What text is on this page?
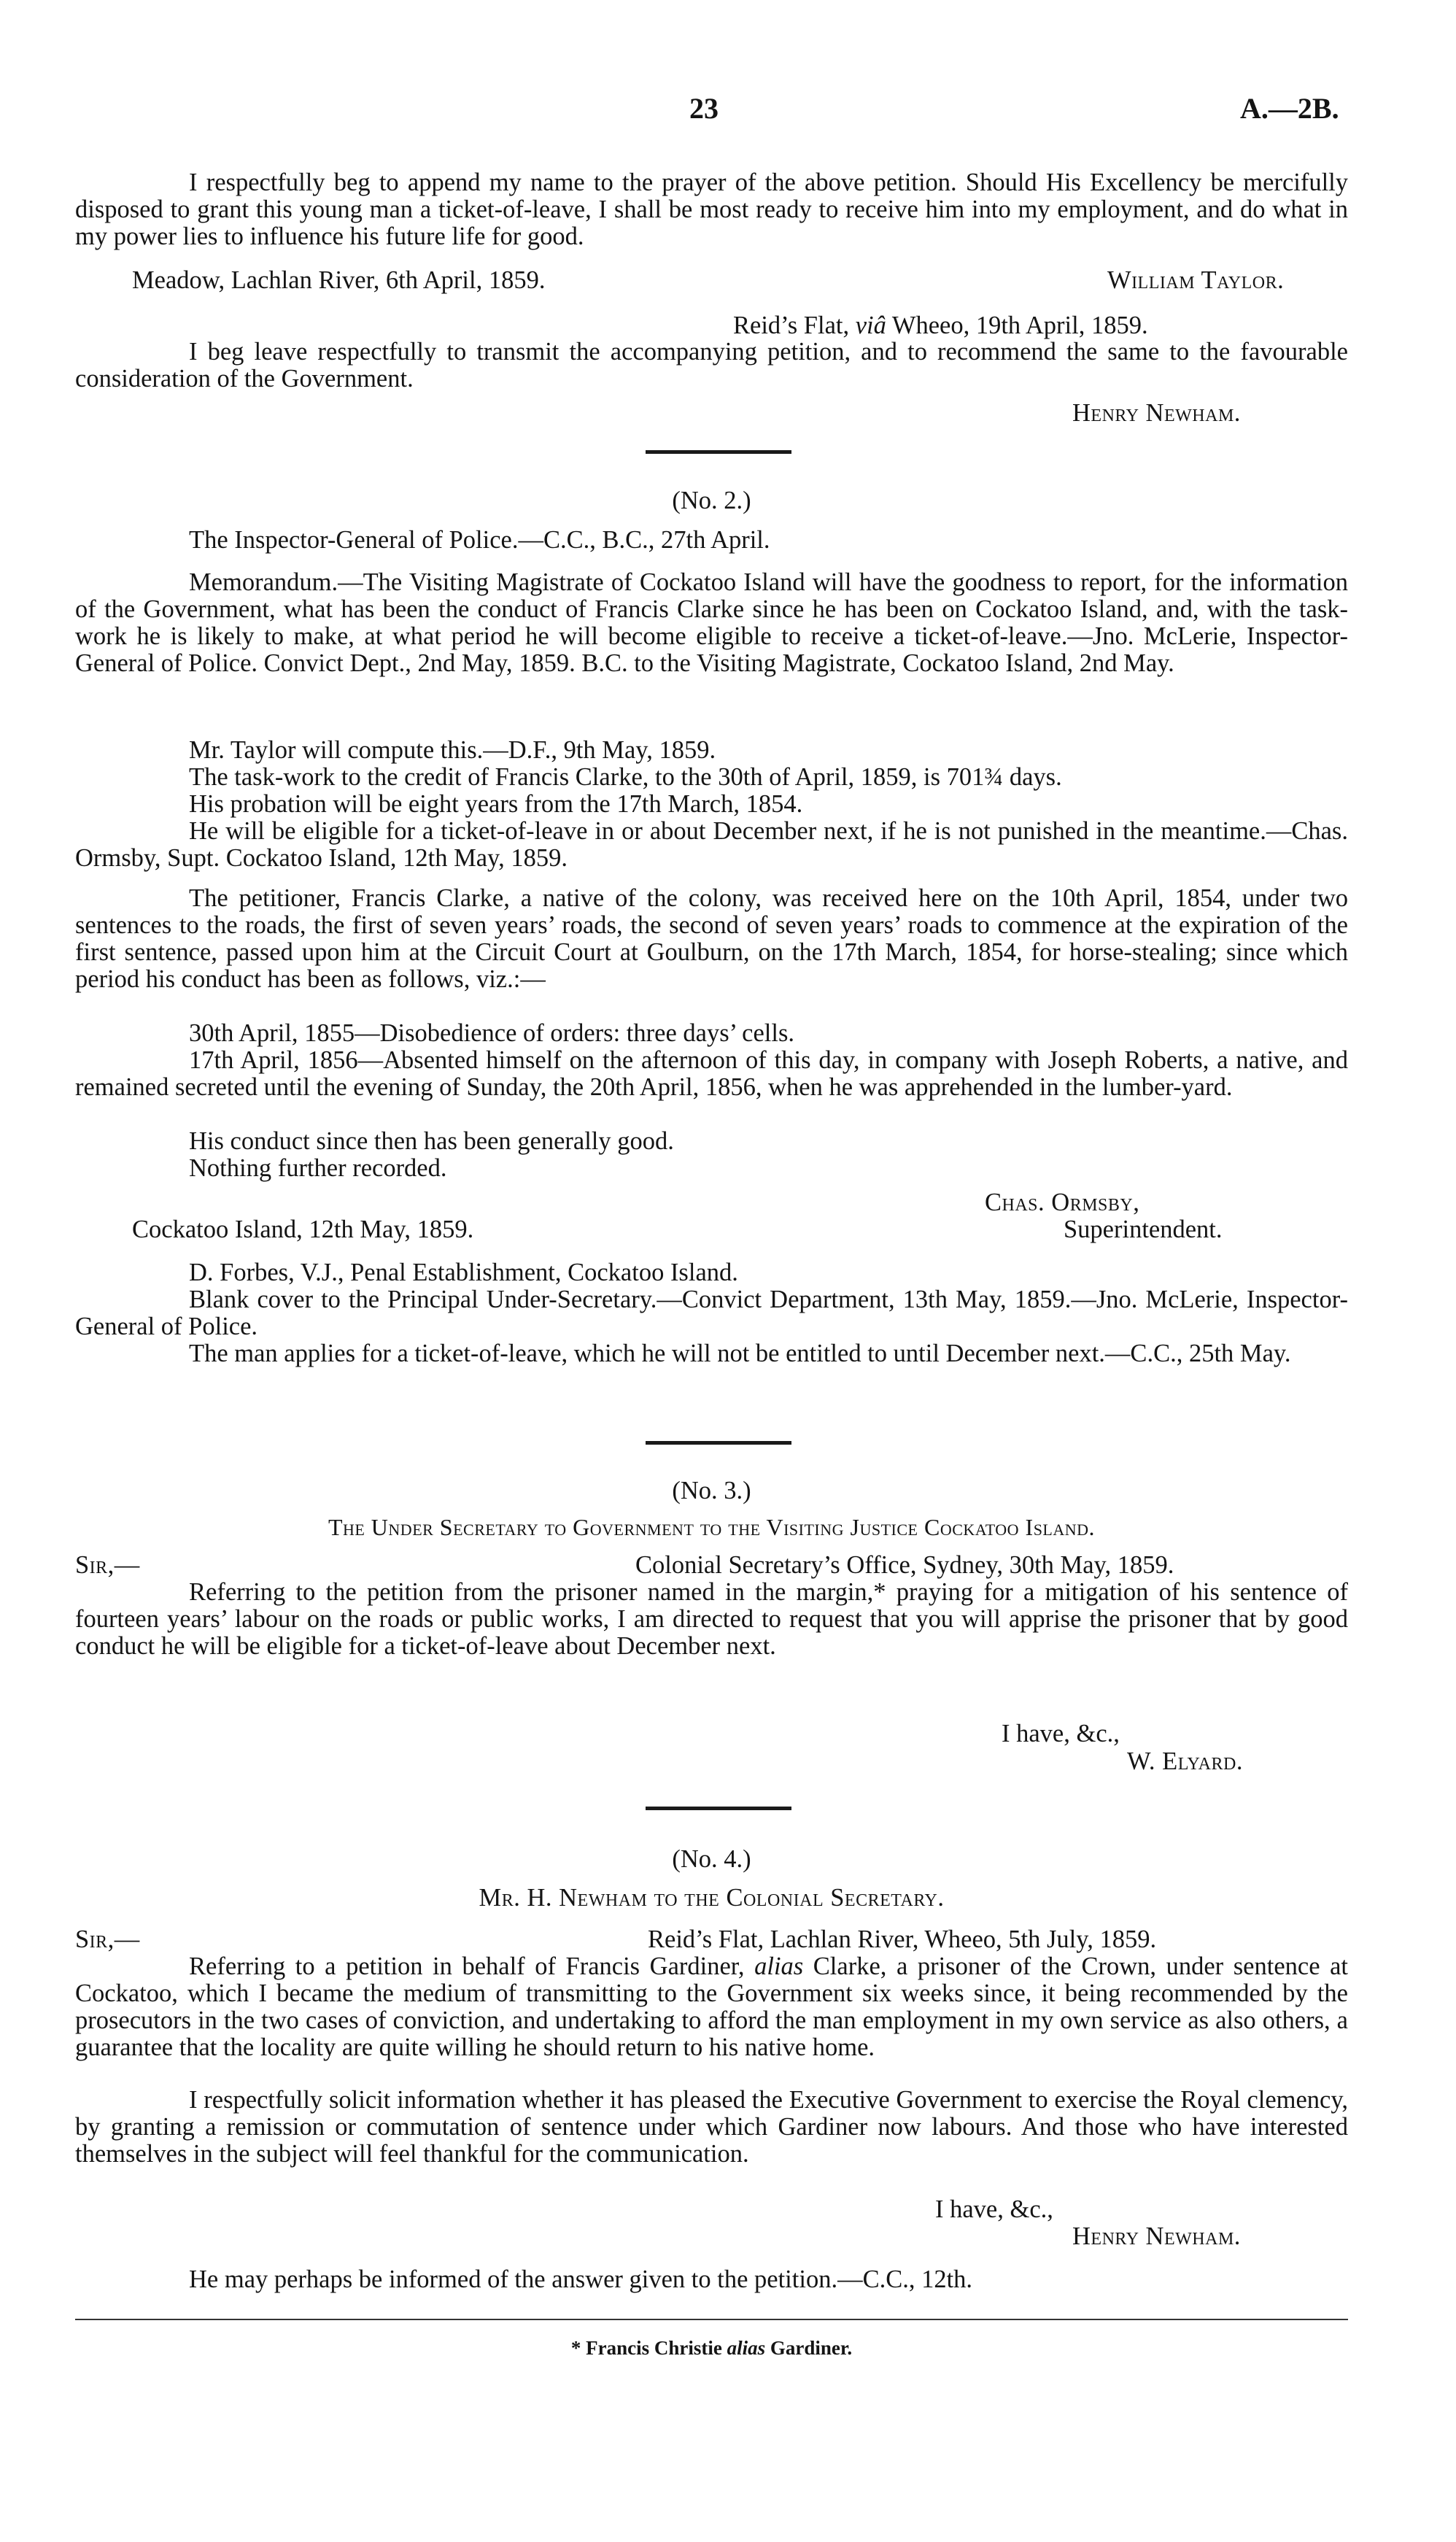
23	A.—2B.

I respectfully beg to append my name to the prayer of the above petition. Should His Excellency be mercifully disposed to grant this young man a ticket-of-leave, I shall be most ready to receive him into my employment, and do what in my power lies to influence his future life for good.

Meadow, Lachlan River, 6th April, 1859.	William Taylor.
Reid’s Flat, viâ Wheeo, 19th April, 1859.

I beg leave respectfully to transmit the accompanying petition, and to recommend the same to the favourable consideration of the Government.

Henry Newham.
(No. 2.)

The Inspector-General of Police.—C.C., B.C., 27th April.

Memorandum.—The Visiting Magistrate of Cockatoo Island will have the goodness to report, for the information of the Government, what has been the conduct of Francis Clarke since he has been on Cockatoo Island, and, with the task-work he is likely to make, at what period he will become eligible to receive a ticket-of-leave.—Jno. McLerie, Inspector-General of Police. Convict Dept., 2nd May, 1859. B.C. to the Visiting Magistrate, Cockatoo Island, 2nd May.

Mr. Taylor will compute this.—D.F., 9th May, 1859.

The task-work to the credit of Francis Clarke, to the 30th of April, 1859, is 701¾ days.

His probation will be eight years from the 17th March, 1854.

He will be eligible for a ticket-of-leave in or about December next, if he is not punished in the meantime.—Chas. Ormsby, Supt. Cockatoo Island, 12th May, 1859.

The petitioner, Francis Clarke, a native of the colony, was received here on the 10th April, 1854, under two sentences to the roads, the first of seven years’ roads, the second of seven years’ roads to commence at the expiration of the first sentence, passed upon him at the Circuit Court at Goulburn, on the 17th March, 1854, for horse-stealing; since which period his conduct has been as follows, viz.:—

30th April, 1855—Disobedience of orders: three days’ cells.

17th April, 1856—Absented himself on the afternoon of this day, in company with Joseph Roberts, a native, and remained secreted until the evening of Sunday, the 20th April, 1856, when he was apprehended in the lumber-yard.

His conduct since then has been generally good.

Nothing further recorded.

Chas. Ormsby,
Cockatoo Island, 12th May, 1859.	Superintendent.

D. Forbes, V.J., Penal Establishment, Cockatoo Island.

Blank cover to the Principal Under-Secretary.—Convict Department, 13th May, 1859.—Jno. McLerie, Inspector-General of Police.

The man applies for a ticket-of-leave, which he will not be entitled to until December next.—C.C., 25th May.

(No. 3.)
The Under Secretary to Government to the Visiting Justice Cockatoo Island.
Sir,—	Colonial Secretary’s Office, Sydney, 30th May, 1859.

Referring to the petition from the prisoner named in the margin,* praying for a mitigation of his sentence of fourteen years’ labour on the roads or public works, I am directed to request that you will apprise the prisoner that by good conduct he will be eligible for a ticket-of-leave about December next.

I have, &c.,
W. Elyard.
(No. 4.)
Mr. H. Newham to the Colonial Secretary.
Sir,—	Reid’s Flat, Lachlan River, Wheeo, 5th July, 1859.

Referring to a petition in behalf of Francis Gardiner, alias Clarke, a prisoner of the Crown, under sentence at Cockatoo, which I became the medium of transmitting to the Government six weeks since, it being recommended by the prosecutors in the two cases of conviction, and undertaking to afford the man employment in my own service as also others, a guarantee that the locality are quite willing he should return to his native home.

I respectfully solicit information whether it has pleased the Executive Government to exercise the Royal clemency, by granting a remission or commutation of sentence under which Gardiner now labours. And those who have interested themselves in the subject will feel thankful for the communication.

I have, &c.,
Henry Newham.

He may perhaps be informed of the answer given to the petition.—C.C., 12th.

* Francis Christie alias Gardiner.
